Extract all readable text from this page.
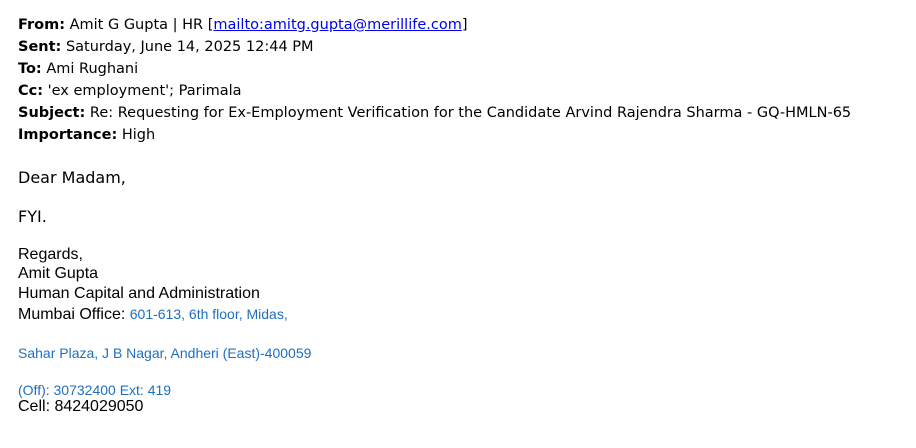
From: Amit G Gupta | HR [mailto:amitg.gupta@merillife.com]
Sent: Saturday, June 14, 2025 12:44 PM
To: Ami Rughani
Cc: 'ex employment'; Parimala
Subject: Re: Requesting for Ex-Employment Verification for the Candidate Arvind Rajendra Sharma - GQ-HMLN-65
Importance: High
Dear Madam,
FYI.
Regards,
Amit Gupta
Human Capital and Administration
Mumbai Office: 601-613, 6th floor, Midas,
Sahar Plaza, J B Nagar, Andheri (East)-400059
(Off): 30732400 Ext: 419
Cell: 8424029050
